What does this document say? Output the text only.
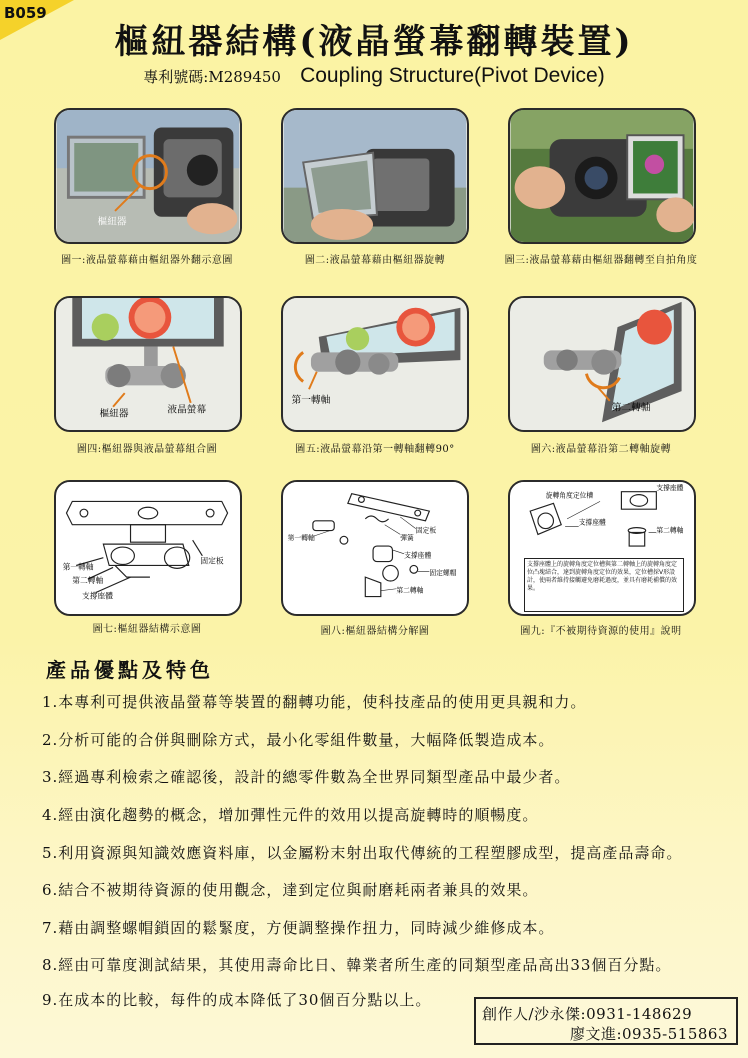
B059
樞紐器結構(液晶螢幕翻轉裝置)
專利號碼:M289450 Coupling Structure(Pivot Device)
樞紐器
圖一:液晶螢幕藉由樞紐器外翻示意圖	圖二:液晶螢幕藉由樞紐器旋轉	圖三:液晶螢幕藉由樞紐器翻轉至自拍角度
樞紐器	液晶螢幕
圖四:樞紐器與液晶螢幕組合圖
第一轉軸
圖五:液晶螢幕沿第一轉軸翻轉90°
第二轉軸
圖六:液晶螢幕沿第二轉軸旋轉
固定板
第一轉軸
第二轉軸
支撐座體
圖七:樞紐器結構示意圖
固定板
第一轉軸	彈簧
支撐座體
固定螺帽
第二轉軸
圖八:樞紐器結構分解圖
旋轉角度定位槽
支撐座體
支撐座體
第二轉軸
支撐座體上的旋轉角度定位槽與第二轉軸上的旋轉角度定位凸塊結合，達到旋轉角度定位的效果，定位槽採V形設計，使兩者維持接觸避免磨耗過度，並具有磨耗補償的效果。
圖九:『不被期待資源的使用』說明
產品優點及特色
1.本專利可提供液晶螢幕等裝置的翻轉功能，使科技產品的使用更具親和力。
2.分析可能的合併與刪除方式，最小化零組件數量，大幅降低製造成本。
3.經過專利檢索之確認後，設計的總零件數為全世界同類型產品中最少者。
4.經由演化趨勢的概念，增加彈性元件的效用以提高旋轉時的順暢度。
5.利用資源與知識效應資料庫，以金屬粉末射出取代傳統的工程塑膠成型，提高產品壽命。
6.結合不被期待資源的使用觀念，達到定位與耐磨耗兩者兼具的效果。
7.藉由調整螺帽鎖固的鬆緊度，方便調整操作扭力，同時減少維修成本。
8.經由可靠度測試結果，其使用壽命比日、韓業者所生產的同類型產品高出33個百分點。
9.在成本的比較，每件的成本降低了30個百分點以上。
創作人/沙永傑:0931-148629
廖文進:0935-515863
